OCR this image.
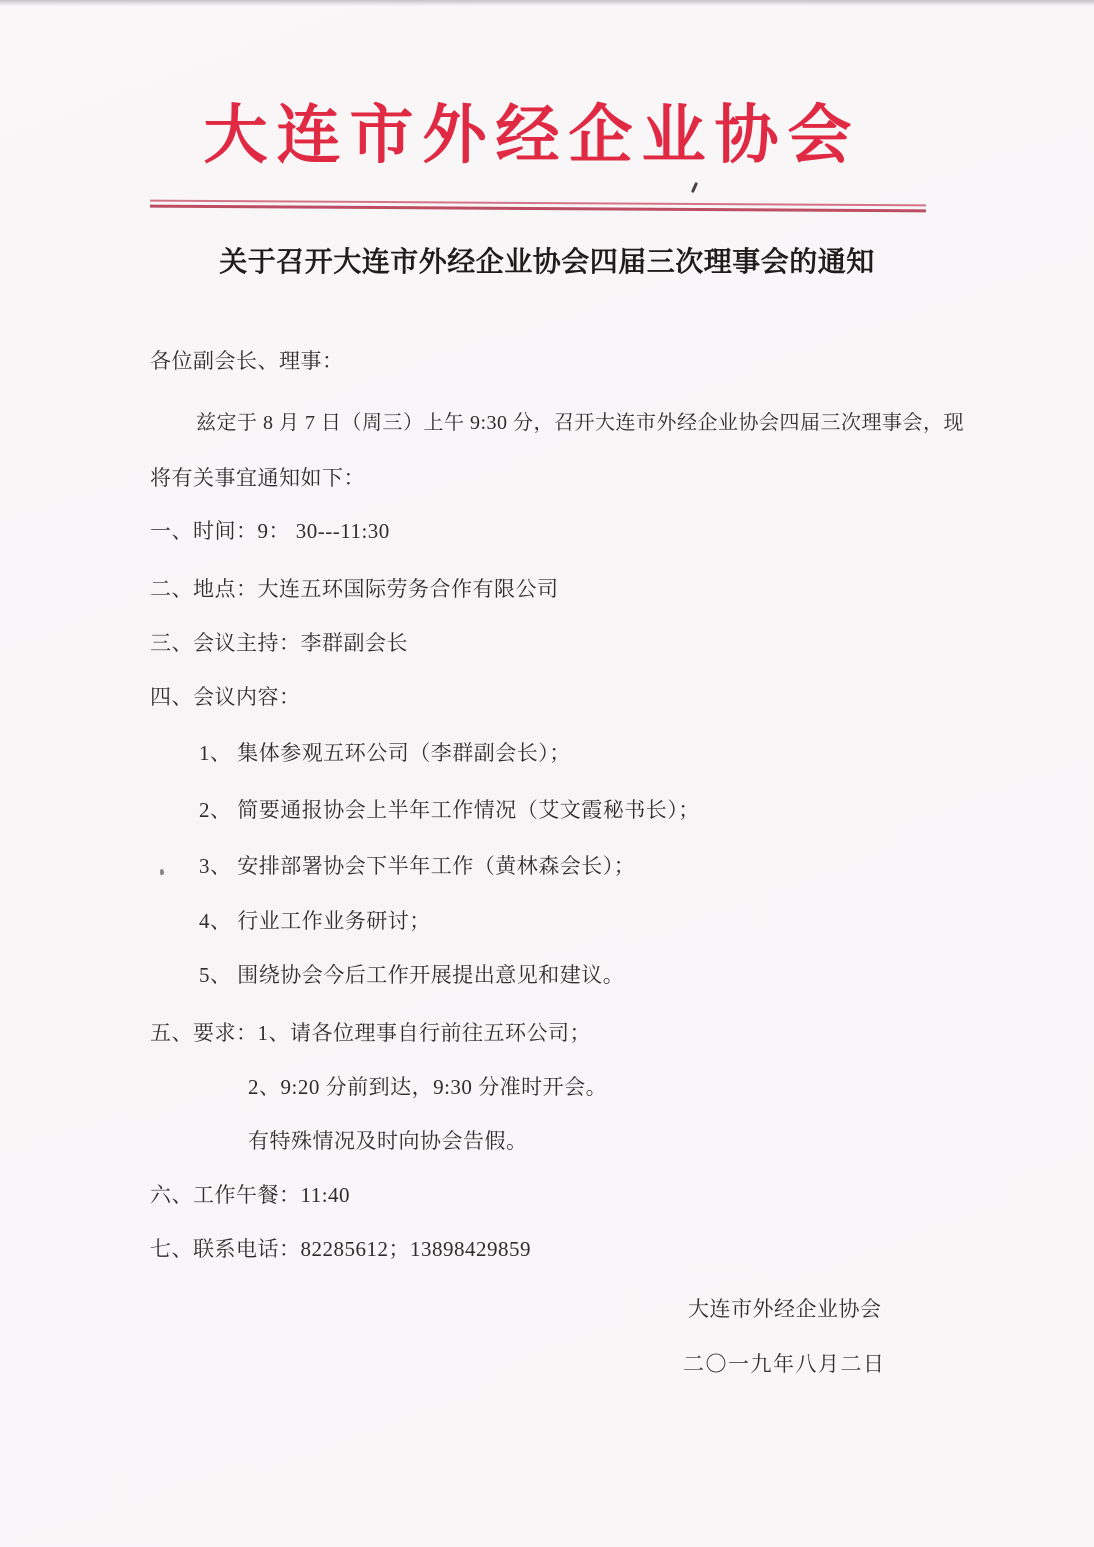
大连市外经企业协会
关于召开大连市外经企业协会四届三次理事会的通知
各位副会长、理事：
兹定于 8 月 7 日（周三）上午 9:30 分，召开大连市外经企业协会四届三次理事会，现
将有关事宜通知如下：
一、时间：9： 30---11:30
二、地点：大连五环国际劳务合作有限公司
三、会议主持：李群副会长
四、会议内容：
1、 集体参观五环公司（李群副会长）；
2、 简要通报协会上半年工作情况（艾文霞秘书长）；
3、 安排部署协会下半年工作（黄林森会长）；
4、 行业工作业务研讨；
5、 围绕协会今后工作开展提出意见和建议。
五、要求：1、请各位理事自行前往五环公司；
2、9:20 分前到达，9:30 分准时开会。
有特殊情况及时向协会告假。
六、工作午餐：11:40
七、联系电话：82285612；13898429859
大连市外经企业协会
二〇一九年八月二日
